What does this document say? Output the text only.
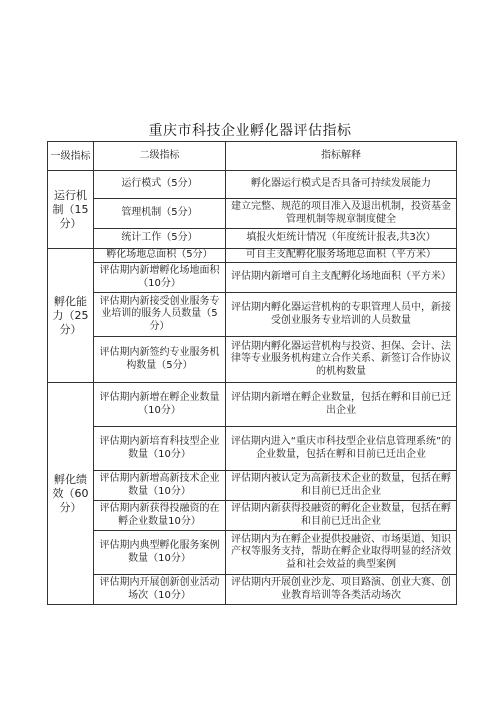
重庆市科技企业孵化器评估指标
一级指标	二级指标	指标解释
运行机制（15分）	运行模式（5分）	孵化器运行模式是否具备可持续发展能力
	管理机制（5分）	建立完整、规范的项目准入及退出机制，投资基金管理机制等规章制度健全
	统计工作（5分）	填报火炬统计情况（年度统计报表,共3次）
孵化能力（25分）	孵化场地总面积（5分）	可自主支配孵化服务场地总面积（平方米）
	评估期内新增孵化场地面积（10分）	评估期内新增可自主支配孵化场地面积（平方米）
	评估期内新接受创业服务专业培训的服务人员数量（5分）	评估期内孵化器运营机构的专职管理人员中，新接受创业服务专业培训的人员数量
	评估期内新签约专业服务机构数量（5分）	评估期内孵化器运营机构与投资、担保、会计、法律等专业服务机构建立合作关系、新签订合作协议的机构数量
孵化绩效（60分）	评估期内新增在孵企业数量（10分）	评估期内新增在孵企业数量，包括在孵和目前已迁出企业
	评估期内新培育科技型企业数量（10分）	评估期内进入“重庆市科技型企业信息管理系统”的企业数量，包括在孵和目前已迁出企业
	评估期内新增高新技术企业数量（10分）	评估期内被认定为高新技术企业的数量，包括在孵和目前已迁出企业
	评估期内新获得投融资的在孵企业数量10分）	评估期内新获得投融资的孵化企业数量，包括在孵和目前已迁出企业
	评估期内典型孵化服务案例数量（10分）	评估期内为在孵企业提供投融资、市场渠道、知识产权等服务支持，帮助在孵企业取得明显的经济效益和社会效益的典型案例
	评估期内开展创新创业活动场次（10分）	评估期内开展创业沙龙、项目路演、创业大赛、创业教育培训等各类活动场次
